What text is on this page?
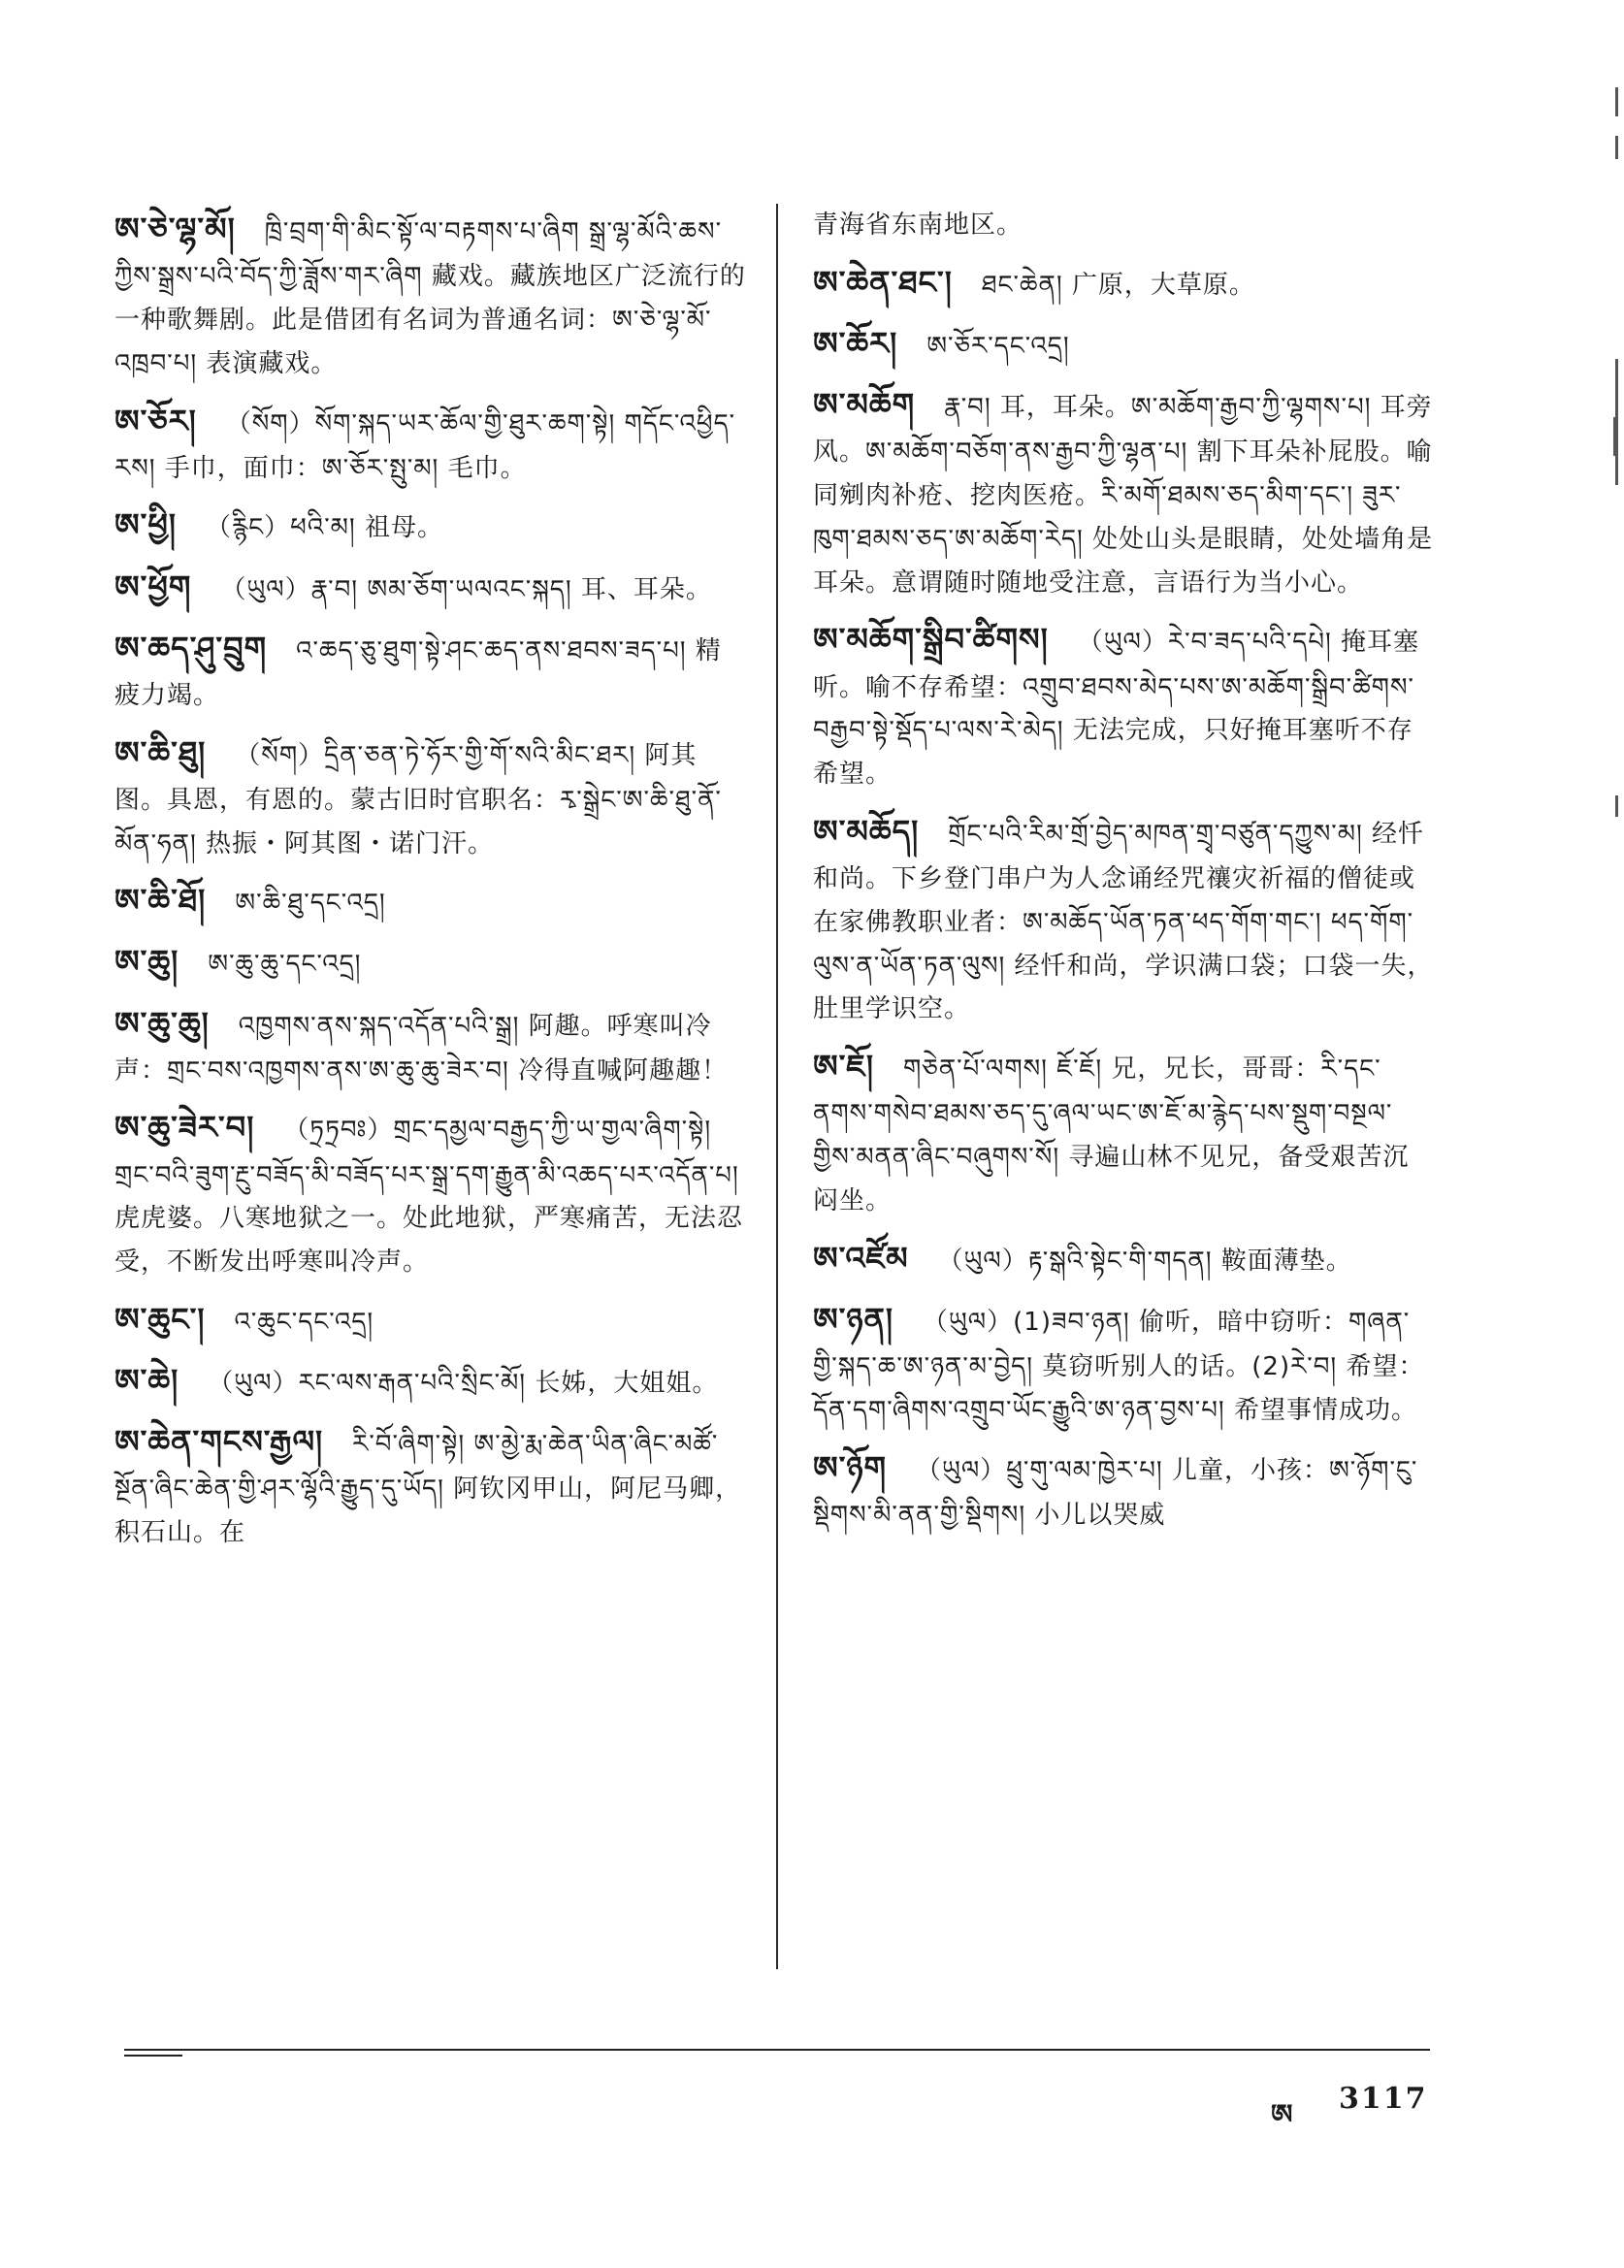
ཨ་ཅེ་ལྷ་མོ། ཁྲི་བྲག་གི་མིང་སྟོ་ལ་བརྟགས་པ་ཞིག སྒྲ་ལྷ་མོའི་ཆས་ཀྱིས་སྒྲས་པའི་བོད་ཀྱི་ཟློས་གར་ཞིག 藏戏。藏族地区广泛流行的一种歌舞剧。此是借团有名词为普通名词：ཨ་ཅེ་ལྷ་མོ་འཁྲབ་པ། 表演藏戏。
ཨ་ཅོར། （སོག）སོག་སྐད་ཡར་ཆོལ་གྱི་ཐུར་ཆག་སྟེ། གདོང་འཕྱིད་རས། 手巾，面巾：ཨ་ཅོར་སྤུ་མ། 毛巾。
ཨ་ཕྱི། （རྙིང）ཕའི་མ། 祖母。
ཨ་ཕྱོག （ཡུལ）རྣ་བ། ཨམ་ཅོག་ཡལའང་སྐད། 耳、耳朵。
ཨ་ཆད་ཤུ་བྲུག འ་ཆད་ཅུ་ཐུག་སྟེ་ཤང་ཆད་ནས་ཐབས་ཟད་པ། 精疲力竭。
ཨ་ཆི་ཐུ། （སོག）དྲིན་ཅན་ཏེ་ཧོར་གྱི་གོ་སའི་མིང་ཐར། 阿其图。具恩，有恩的。蒙古旧时官职名：རྭ་སྒྲེང་ཨ་ཆི་ཐུ་ནོ་མོན་ཧན། 热振・阿其图・诺门汗。
ཨ་ཆི་ཐོ། ཨ་ཆི་ཐུ་དང་འདྲ།
ཨ་ཆུ། ཨ་ཆུ་ཆུ་དང་འདྲ།
ཨ་ཆུ་ཆུ། འཁྱགས་ནས་སྐད་འདོན་པའི་སྒྲ། 阿趣。呼寒叫冷声：གྲང་བས་འཁྱགས་ནས་ཨ་ཆུ་ཆུ་ཟེར་བ། 冷得直喊阿趣趣！
ཨ་ཆུ་ཟེར་བ། （ཏྲཏྲབཿ）གྲང་དམྱལ་བརྒྱད་ཀྱི་ཡ་གྱལ་ཞིག་སྟེ། གྲང་བའི་ཟུག་རྔུ་བཟོད་མི་བཟོད་པར་སྒྲ་དག་རྒྱུན་མི་འཆད་པར་འདོན་པ། 虎虎婆。八寒地狱之一。处此地狱，严寒痛苦，无法忍受，不断发出呼寒叫冷声。
ཨ་ཆུང་། འ་ཆུང་དང་འདྲ།
ཨ་ཆེ། （ཡུལ）རང་ལས་རྒན་པའི་སྲིང་མོ། 长姊，大姐姐。
ཨ་ཆེན་གངས་རྒྱལ། རི་བོ་ཞིག་སྟེ། ཨ་མྱེ་རྨ་ཆེན་ཡིན་ཞིང་མཚོ་སྔོན་ཞིང་ཆེན་གྱི་ཤར་ལྷོའི་རྒྱུད་དུ་ཡོད། 阿钦冈甲山，阿尼马卿，积石山。在
青海省东南地区。
ཨ་ཆེན་ཐང་། ཐང་ཆེན། 广原，大草原。
ཨ་ཆོར། ཨ་ཅོར་དང་འདྲ།
ཨ་མཆོག རྣ་བ། 耳，耳朵。ཨ་མཆོག་རྒྱབ་ཀྱི་ལྷགས་པ། 耳旁风。ཨ་མཆོག་བཅོག་ནས་རྒྱབ་ཀྱི་ལྷན་པ། 割下耳朵补屁股。喻同剜肉补疮、挖肉医疮。རི་མགོ་ཐམས་ཅད་མིག་དང་། ཟུར་ཁུག་ཐམས་ཅད་ཨ་མཆོག་རེད། 处处山头是眼睛，处处墙角是耳朵。意谓随时随地受注意，言语行为当小心。
ཨ་མཆོག་སྒྲིབ་ཚིགས། （ཡུལ）རེ་བ་ཟད་པའི་དཔེ། 掩耳塞听。喻不存希望：འགྲུབ་ཐབས་མེད་པས་ཨ་མཆོག་སྒྲིབ་ཚིགས་བརྒྱབ་སྟེ་སྡོད་པ་ལས་རེ་མེད། 无法完成，只好掩耳塞听不存希望。
ཨ་མཆོད། གྲོང་པའི་རིམ་གྲོ་བྱེད་མཁན་གྲྭ་བཙུན་དཀྱུས་མ། 经忏和尚。下乡登门串户为人念诵经咒禳灾祈福的僧徒或在家佛教职业者：ཨ་མཆོད་ཡོན་ཏན་ཕད་གོག་གང་། ཕད་གོག་ལུས་ན་ཡོན་ཏན་ལུས། 经忏和尚，学识满口袋；口袋一失，肚里学识空。
ཨ་ཇོ། གཅེན་པོ་ལགས། ཇོ་ཇོ། 兄，兄长，哥哥：རི་དང་ནགས་གསེབ་ཐམས་ཅད་དུ་ཞལ་ཡང་ཨ་ཇོ་མ་རྙེད་པས་སྡུག་བསྔལ་གྱིས་མནན་ཞིང་བཞུགས་སོ། 寻遍山林不见兄，备受艰苦沉闷坐。
ཨ་འཛོམ （ཡུལ）རྟ་སྒའི་སྟེང་གི་གདན། 鞍面薄垫。
ཨ་ཉན། （ཡུལ）(1)ཟབ་ཉན། 偷听，暗中窃听：གཞན་གྱི་སྐད་ཆ་ཨ་ཉན་མ་བྱེད། 莫窃听别人的话。(2)རེ་བ། 希望：དོན་དག་ཞིགས་འགྲུབ་ཡོང་རྒྱུའི་ཨ་ཉན་བྱས་པ། 希望事情成功。
ཨ་ཉོག （ཡུལ）ཕྲུ་གུ་ལམ་ཁྱེར་པ། 儿童，小孩：ཨ་ཉོག་ངུ་སྡིགས་མི་ནན་གྱི་སྡིགས། 小儿以哭威
ཨ 3117
